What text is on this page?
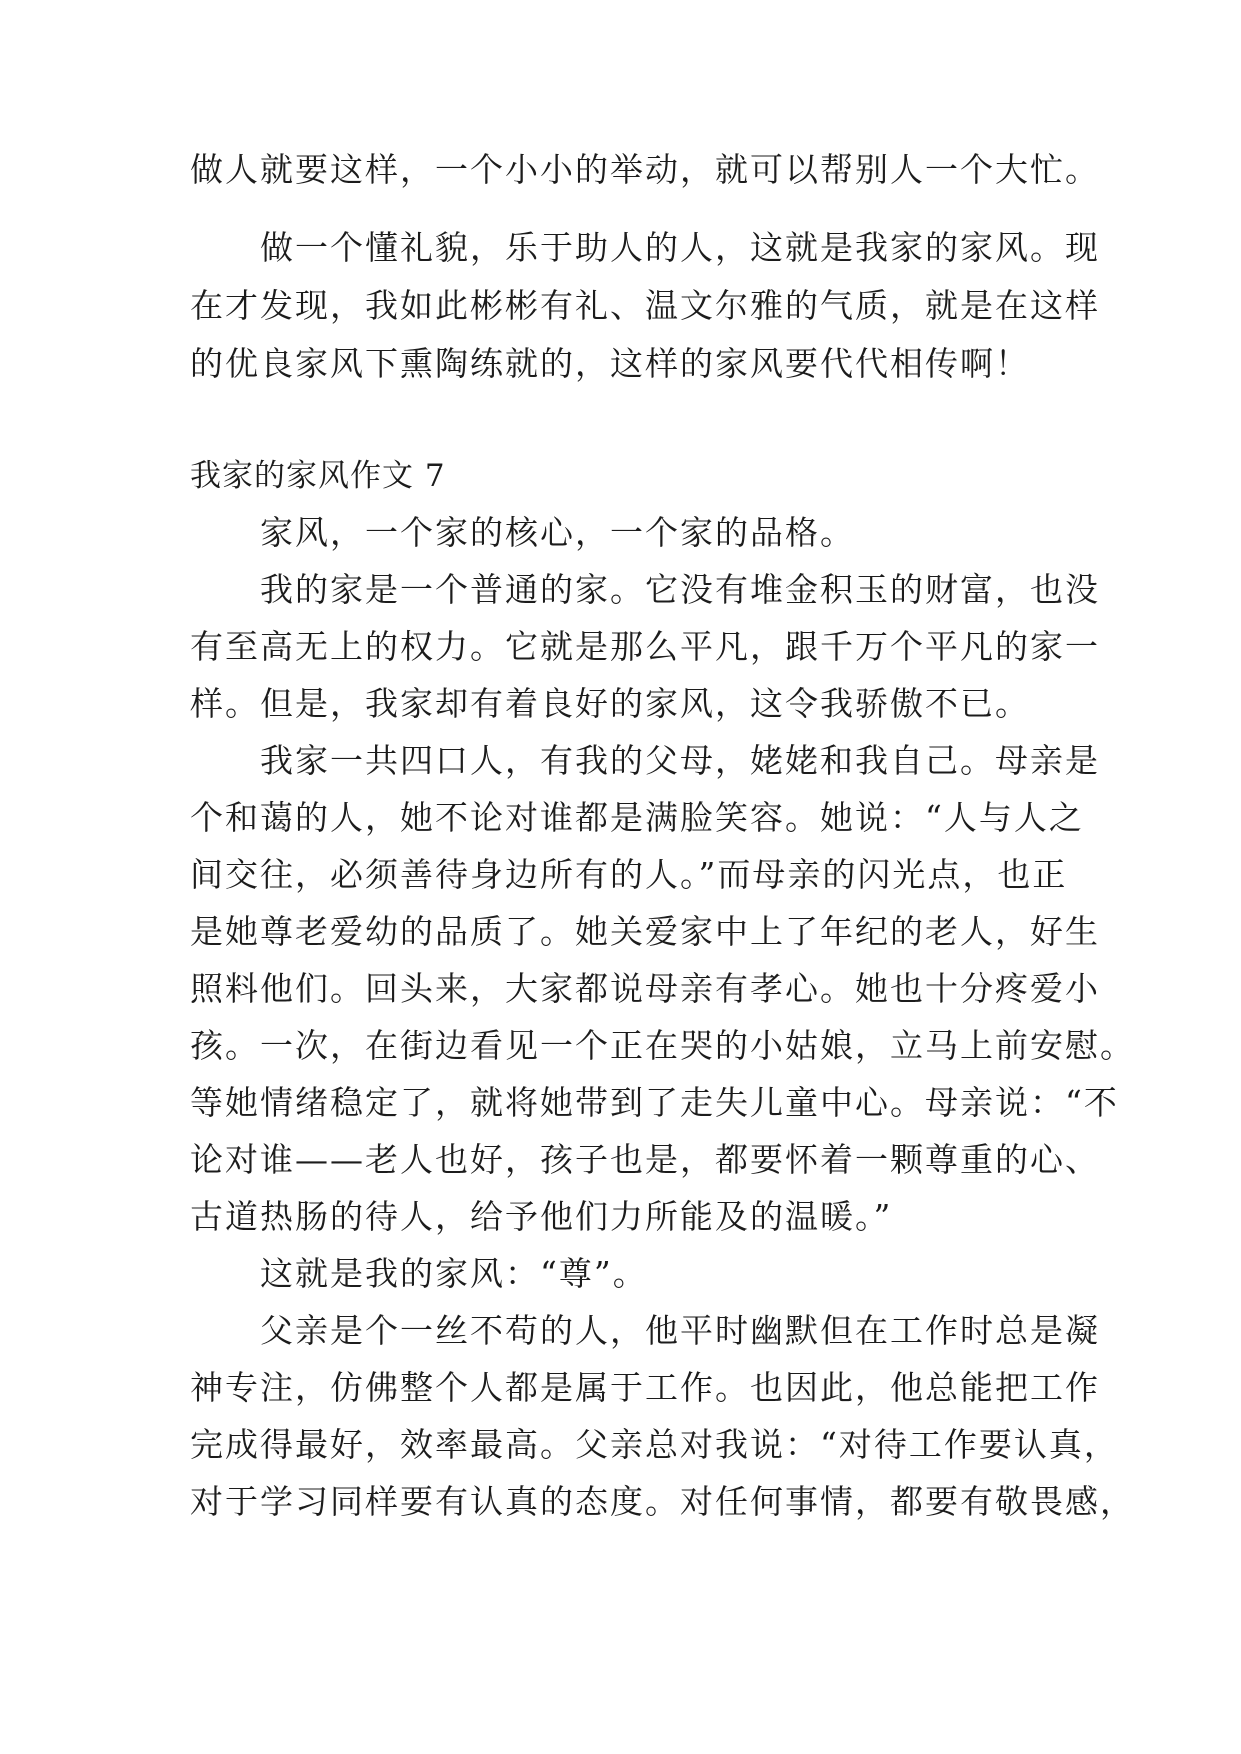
做人就要这样，一个小小的举动，就可以帮别人一个大忙。
　　做一个懂礼貌，乐于助人的人，这就是我家的家风。现
在才发现，我如此彬彬有礼、温文尔雅的气质，就是在这样
的优良家风下熏陶练就的，这样的家风要代代相传啊！
我家的家风作文 7
　　家风，一个家的核心，一个家的品格。
　　我的家是一个普通的家。它没有堆金积玉的财富，也没
有至高无上的权力。它就是那么平凡，跟千万个平凡的家一
样。但是，我家却有着良好的家风，这令我骄傲不已。
　　我家一共四口人，有我的父母，姥姥和我自己。母亲是
个和蔼的人，她不论对谁都是满脸笑容。她说：“人与人之
间交往，必须善待身边所有的人。”而母亲的闪光点，也正
是她尊老爱幼的品质了。她关爱家中上了年纪的老人，好生
照料他们。回头来，大家都说母亲有孝心。她也十分疼爱小
孩。一次，在街边看见一个正在哭的小姑娘，立马上前安慰。
等她情绪稳定了，就将她带到了走失儿童中心。母亲说：“不
论对谁——老人也好，孩子也是，都要怀着一颗尊重的心、
古道热肠的待人，给予他们力所能及的温暖。”
　　这就是我的家风：“尊”。
　　父亲是个一丝不苟的人，他平时幽默但在工作时总是凝
神专注，仿佛整个人都是属于工作。也因此，他总能把工作
完成得最好，效率最高。父亲总对我说：“对待工作要认真，
对于学习同样要有认真的态度。对任何事情，都要有敬畏感，
